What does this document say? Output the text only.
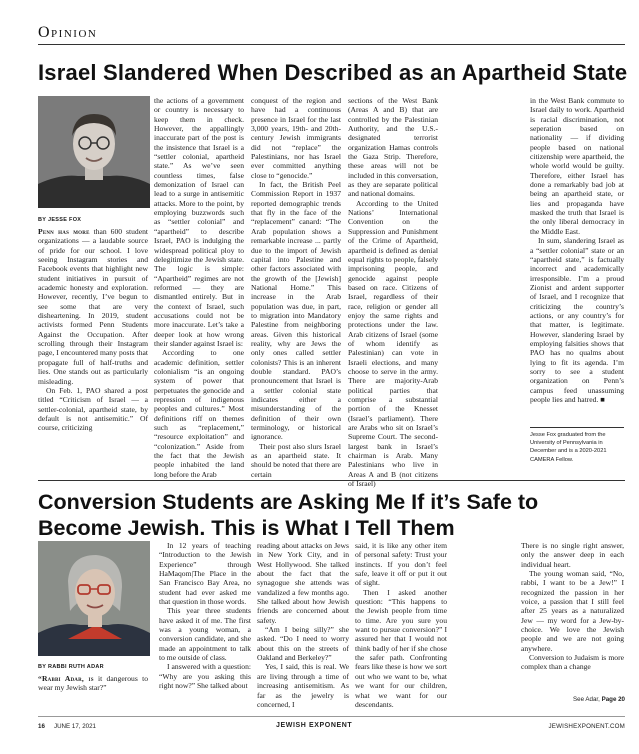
Opinion
Israel Slandered When Described as an Apartheid State
BY JESSE FOX

Penn has more than 600 student organizations — a laudable source of pride for our school. I love seeing Instagram stories and Facebook events that highlight new student initiatives in pursuit of academic honesty and exploration. However, recently, I’ve begun to see some that are very disheartening. In 2019, student activists formed Penn Students Against the Occupation. After scrolling through their Instagram page, I encountered many posts that propagate full of half-truths and lies. One stands out as particularly misleading.

On Feb. 1, PAO shared a post titled “Criticism of Israel — a settler-colonial, apartheid state, by default is not antisemitic.” Of course, criticizing

the actions of a government or country is necessary to keep them in check. However, the appallingly inaccurate part of the post is the insistence that Israel is a “settler colonial, apartheid state.” As we’ve seen countless times, false demonization of Israel can lead to a surge in antisemitic attacks. More to the point, by employing buzzwords such as “settler colonial” and “apartheid” to describe Israel, PAO is indulging the widespread political ploy to delegitimize the Jewish state. The logic is simple: “Apartheid” regimes are not reformed — they are dismantled entirely. But in the context of Israel, such accusations could not be more inaccurate. Let’s take a deeper look at how wrong their slander against Israel is:

According to one academic definition, settler colonialism “is an ongoing system of power that perpetuates the genocide and repression of indigenous peoples and cultures.” Most definitions riff on themes such as “replacement,” “resource exploitation” and “colonization.” Aside from the fact that the Jewish people inhabited the land long before the Arab

conquest of the region and have had a continuous presence in Israel for the last 3,000 years, 19th- and 20th-century Jewish immigrants did not “replace” the Palestinians, nor has Israel ever committed anything close to “genocide.”

In fact, the British Peel Commission Report in 1937 reported demographic trends that fly in the face of the “replacement” canard: “The Arab population shows a remarkable increase ... partly due to the import of Jewish capital into Palestine and other factors associated with the growth of the [Jewish] National Home.” This increase in the Arab population was due, in part, to migration into Mandatory Palestine from neighboring areas. Given this historical reality, why are Jews the only ones called settler colonists? This is an inherent double standard. PAO’s pronouncement that Israel is a settler colonial state indicates either a misunderstanding of the definition of their own terminology, or historical ignorance.

Their post also slurs Israel as an apartheid state. It should be noted that there are certain

sections of the West Bank (Areas A and B) that are controlled by the Palestinian Authority, and the U.S.-designated terrorist organization Hamas controls the Gaza Strip. Therefore, these areas will not be included in this conversation, as they are separate political and national domains.

According to the United Nations’ International Convention on the Suppression and Punishment of the Crime of Apartheid, apartheid is defined as denial equal rights to people, falsely imprisoning people, and genocide against people based on race. Citizens of Israel, regardless of their race, religion or gender all enjoy the same rights and protections under the law. Arab citizens of Israel (some of whom identify as Palestinian) can vote in Israeli elections, and many choose to serve in the army. There are majority-Arab political parties that comprise a substantial portion of the Knesset (Israel’s parliament). There are Arabs who sit on Israel’s Supreme Court. The second-largest bank in Israel’s chairman is Arab. Many Palestinians who live in Areas A and B (not citizens of Israel)

in the West Bank commute to Israel daily to work. Apartheid is racial discrimination, not seperation based on nationality — if dividing people based on national citizenship were apartheid, the whole world would be guilty. Therefore, either Israel has done a remarkably bad job at being an apartheid state, or lies and propaganda have masked the truth that Israel is the only liberal democracy in the Middle East.

In sum, slandering Israel as a “settler colonial” state or an “apartheid state,” is factually incorrect and academically irresponsible. I’m a proud Zionist and ardent supporter of Israel, and I recognize that criticizing the country’s actions, or any country’s for that matter, is legitimate. However, slandering Israel by employing falsities shows that PAO has no qualms about lying to fit its agenda. I’m sorry to see a student organization on Penn’s campus feed unassuming people lies and hatred. ■

Jesse Fox graduated from the University of Pennsylvania in December and is a 2020-2021 CAMERA Fellow.
Conversion Students are Asking Me If it’s Safe to Become Jewish. This is What I Tell Them
BY RABBI RUTH ADAR

“Rabbi Adar, is it dangerous to wear my Jewish star?”

In 12 years of teaching “Introduction to the Jewish Experience” through HaMaqom|The Place in the San Francisco Bay Area, no student had ever asked me that question in those words.

This year three students have asked it of me. The first was a young woman, a conversion candidate, and she made an appointment to talk to me outside of class.

I answered with a question: “Why are you asking this right now?” She talked about

reading about attacks on Jews in New York City, and in West Hollywood. She talked about the fact that the synagogue she attends was vandalized a few months ago. She talked about how Jewish friends are concerned about safety.

“Am I being silly?” she asked. “Do I need to worry about this on the streets of Oakland and Berkeley?”

Yes, I said, this is real. We are living through a time of increasing antisemitism. As far as the jewelry is concerned, I

said, it is like any other item of personal safety: Trust your instincts. If you don’t feel safe, leave it off or put it out of sight.

Then I asked another question: “This happens to the Jewish people from time to time. Are you sure you want to pursue conversion?” I assured her that I would not think badly of her if she chose the safer path. Confronting fears like these is how we sort out who we want to be, what we want for our children, what we want for our descendants.

There is no single right answer, only the answer deep in each individual heart.

The young woman said, “No, rabbi, I want to be a Jew!” I recognized the passion in her voice, a passion that I still feel after 25 years as a naturalized Jew — my word for a Jew-by-choice. We love the Jewish people and we are not going anywhere.

Conversion to Judaism is more complex than a change

See Adar, Page 20
16 JUNE 17, 2021	JEWISH EXPONENT	JEWISHEXPONENT.COM
